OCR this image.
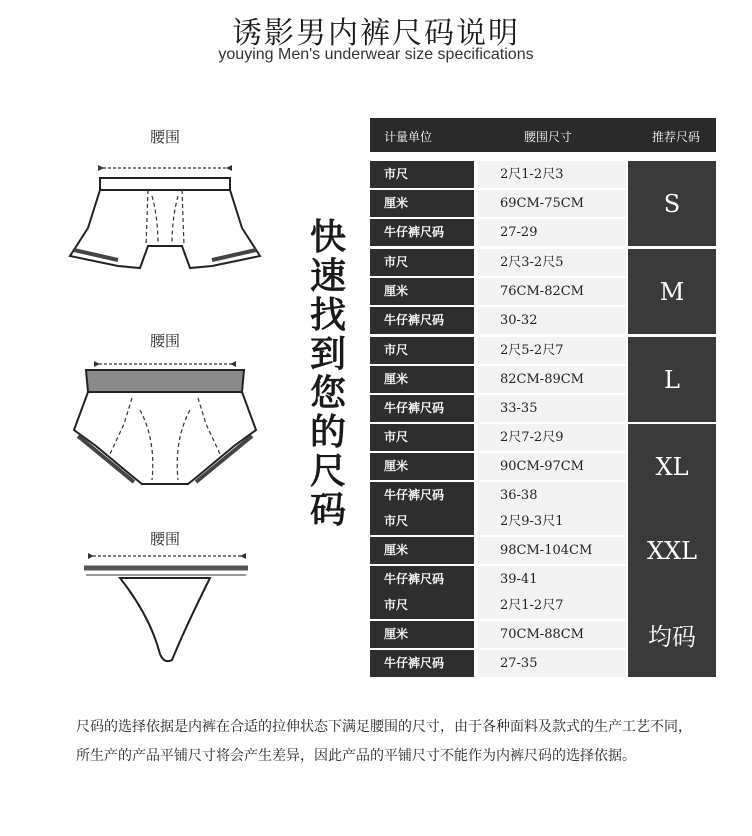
诱影男内裤尺码说明
youying Men's underwear size specifications
腰围
腰围
腰围
快
速
找
到
您
的
尺
码
计量单位	腰围尺寸	推荐尺码
市尺	2尺1-2尺3
厘米	69CM-75CM
牛仔裤尺码	27-29
S
市尺	2尺3-2尺5
厘米	76CM-82CM
牛仔裤尺码	30-32
M
市尺	2尺5-2尺7
厘米	82CM-89CM
牛仔裤尺码	33-35
L
市尺	2尺7-2尺9
厘米	90CM-97CM
牛仔裤尺码	36-38
XL
市尺	2尺9-3尺1
厘米	98CM-104CM
牛仔裤尺码	39-41
XXL
市尺	2尺1-2尺7
厘米	70CM-88CM
牛仔裤尺码	27-35
均码
尺码的选择依据是内裤在合适的拉伸状态下满足腰围的尺寸，由于各种面料及款式的生产工艺不同，所生产的产品平铺尺寸将会产生差异，因此产品的平铺尺寸不能作为内裤尺码的选择依据。
